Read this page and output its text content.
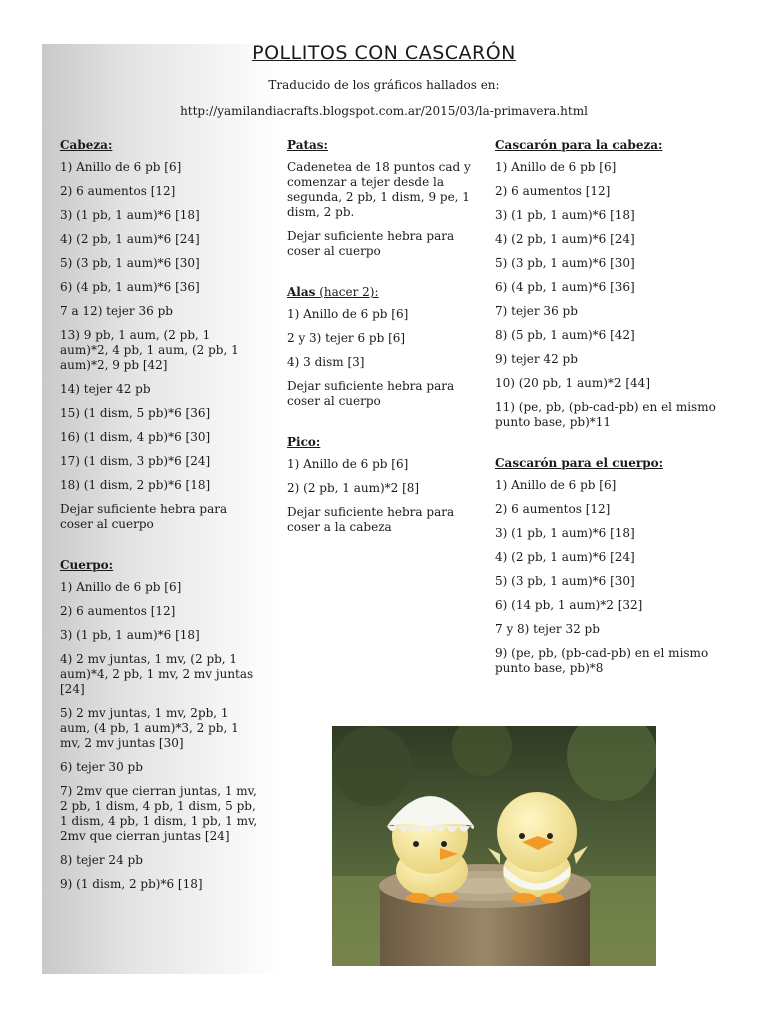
POLLITOS CON CASCARÓN
Traducido de los gráficos hallados en:
http://yamilandiacrafts.blogspot.com.ar/2015/03/la-primavera.html
Cabeza:
1) Anillo de 6 pb [6]
2) 6 aumentos [12]
3) (1 pb, 1 aum)*6 [18]
4) (2 pb, 1 aum)*6 [24]
5) (3 pb, 1 aum)*6 [30]
6) (4 pb, 1 aum)*6 [36]
7 a 12) tejer 36 pb
13) 9 pb, 1 aum, (2 pb, 1 aum)*2, 4 pb, 1 aum, (2 pb, 1 aum)*2, 9 pb [42]
14) tejer 42 pb
15) (1 dism, 5 pb)*6 [36]
16) (1 dism, 4 pb)*6 [30]
17) (1 dism, 3 pb)*6 [24]
18) (1 dism, 2 pb)*6 [18]
Dejar suficiente hebra para coser al cuerpo
Cuerpo:
1) Anillo de 6 pb [6]
2) 6 aumentos [12]
3) (1 pb, 1 aum)*6 [18]
4) 2 mv juntas, 1 mv, (2 pb, 1 aum)*4, 2 pb, 1 mv, 2 mv juntas [24]
5) 2 mv juntas, 1 mv, 2pb, 1 aum, (4 pb, 1 aum)*3, 2 pb, 1 mv, 2 mv juntas [30]
6) tejer 30 pb
7) 2mv que cierran juntas, 1 mv, 2 pb, 1 dism, 4 pb, 1 dism, 5 pb, 1 dism, 4 pb, 1 dism, 1 pb, 1 mv, 2mv que cierran juntas [24]
8) tejer 24 pb
9) (1 dism, 2 pb)*6 [18]
Patas:
Cadenetea de 18 puntos cad y comenzar a tejer desde la segunda, 2 pb, 1 dism, 9 pe, 1 dism, 2 pb.
Dejar suficiente hebra para coser al cuerpo
Alas (hacer 2):
1) Anillo de 6 pb [6]
2 y 3) tejer 6 pb [6]
4) 3 dism [3]
Dejar suficiente hebra para coser al cuerpo
Pico:
1) Anillo de 6 pb [6]
2) (2 pb, 1 aum)*2 [8]
Dejar suficiente hebra para coser a la cabeza
Cascarón para la cabeza:
1) Anillo de 6 pb [6]
2) 6 aumentos [12]
3) (1 pb, 1 aum)*6 [18]
4) (2 pb, 1 aum)*6 [24]
5) (3 pb, 1 aum)*6 [30]
6) (4 pb, 1 aum)*6 [36]
7) tejer 36 pb
8) (5 pb, 1 aum)*6 [42]
9) tejer 42 pb
10) (20 pb, 1 aum)*2 [44]
11) (pe, pb, (pb-cad-pb) en el mismo punto base, pb)*11
Cascarón para el cuerpo:
1) Anillo de 6 pb [6]
2) 6 aumentos [12]
3) (1 pb, 1 aum)*6 [18]
4) (2 pb, 1 aum)*6 [24]
5) (3 pb, 1 aum)*6 [30]
6) (14 pb, 1 aum)*2 [32]
7 y 8) tejer 32 pb
9) (pe, pb, (pb-cad-pb) en el mismo punto base, pb)*8
